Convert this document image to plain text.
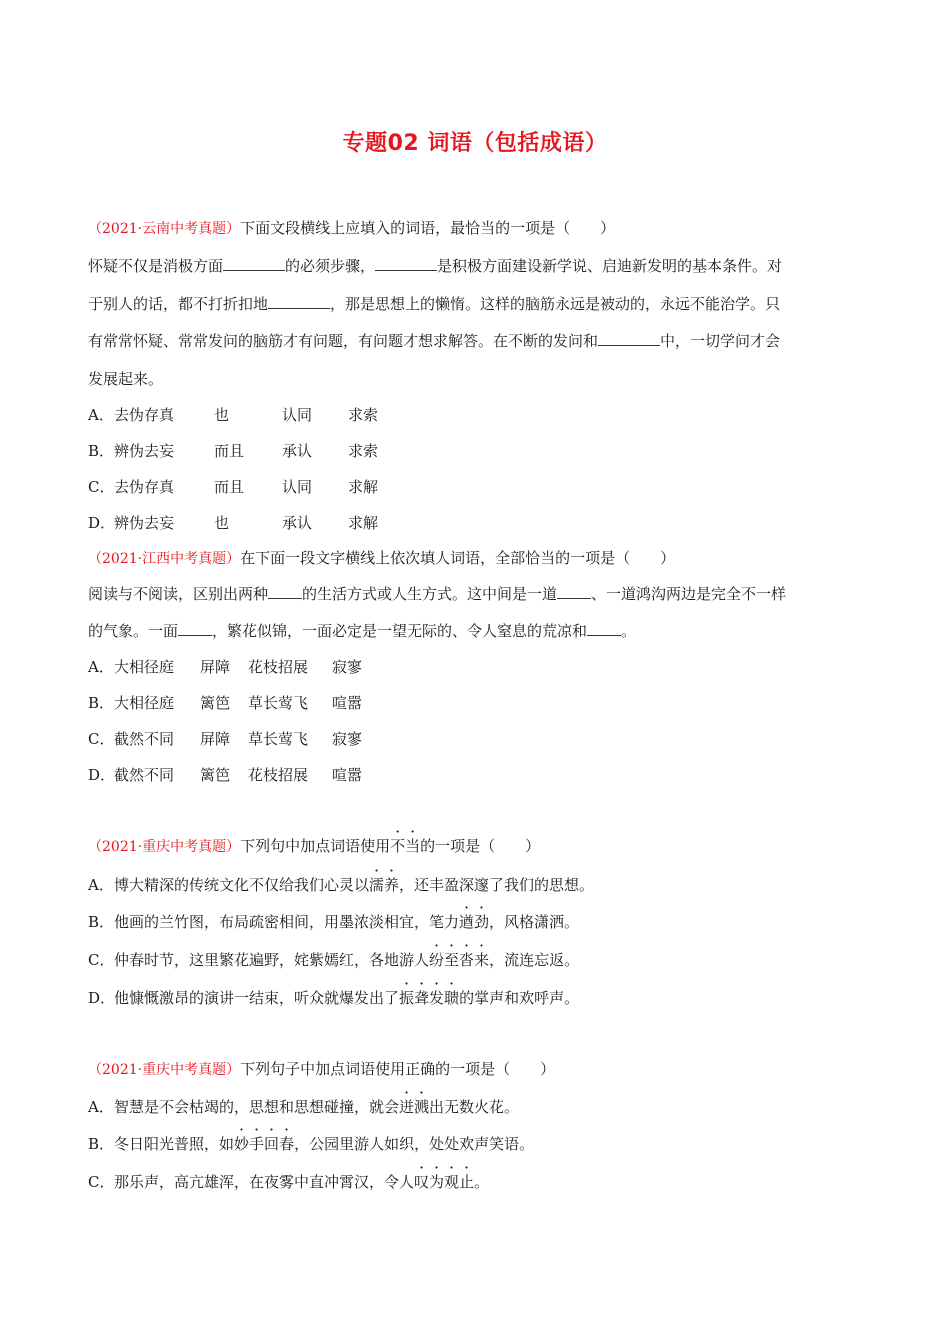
专题02 词语（包括成语）
（2021·云南中考真题）下面文段横线上应填入的词语，最恰当的一项是（　　）
怀疑不仅是消极方面	的必须步骤，	是积极方面建设新学说、启迪新发明的基本条件。对
于别人的话，都不打折扣地	，那是思想上的懒惰。这样的脑筋永远是被动的，永远不能治学。只
有常常怀疑、常常发问的脑筋才有问题，有问题才想求解答。在不断的发问和	中，一切学问才会
发展起来。
A．去伪存真	也	认同 求索
B．辨伪去妄	而且	承认 求索
C．去伪存真	而且	认同 求解
D．辨伪去妄	也	承认 求解
（2021·江西中考真题）在下面一段文字横线上依次填人词语，全部恰当的一项是（　　）
阅读与不阅读，区别出两种 的生活方式或人生方式。这中间是一道 、一道鸿沟两边是完全不一样
的气象。一面 ，繁花似锦，一面必定是一望无际的、令人窒息的荒凉和 。
A．大相径庭 屏障 花枝招展 寂寥
B．大相径庭 篱笆 草长莺飞 喧嚣
C．截然不同 屏障 草长莺飞 寂寥
D．截然不同 篱笆 花枝招展 喧嚣
（2021·重庆中考真题）下列句中加点词语使用不当的一项是（　　）
A．博大精深的传统文化不仅给我们心灵以濡养，还丰盈深邃了我们的思想。
B．他画的兰竹图，布局疏密相间，用墨浓淡相宜，笔力遒劲，风格潇洒。
C．仲春时节，这里繁花遍野，姹紫嫣红，各地游人纷至沓来，流连忘返。
D．他慷慨激昂的演讲一结束，听众就爆发出了振聋发聩的掌声和欢呼声。
（2021·重庆中考真题）下列句子中加点词语使用正确的一项是（　　）
A．智慧是不会枯竭的，思想和思想碰撞，就会迸溅出无数火花。
B．冬日阳光普照，如妙手回春，公园里游人如织，处处欢声笑语。
C．那乐声，高亢雄浑，在夜雾中直冲霄汉，令人叹为观止。
